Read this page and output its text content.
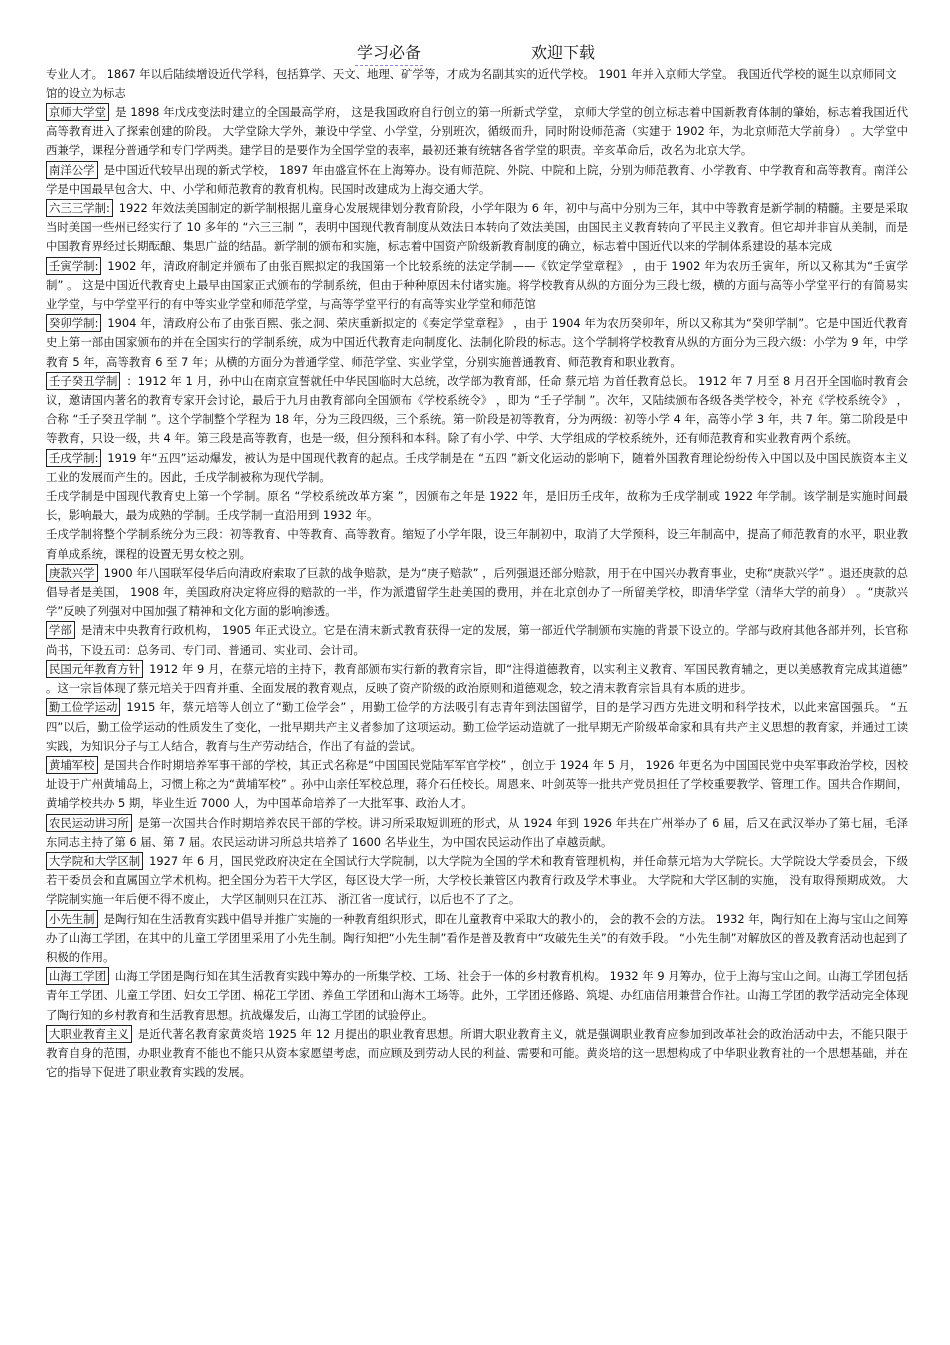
学习必备	欢迎下载

专业人才。 1867 年以后陆续增设近代学科，包括算学、天文、地理、矿学等，才成为名副其实的近代学校。 1901 年并入京师大学堂。 我国近代学校的诞生以京师同文馆的设立为标志

京师大学堂 是 1898 年戊戌变法时建立的全国最高学府， 这是我国政府自行创立的第一所新式学堂， 京师大学堂的创立标志着中国新教育体制的肇始，标志着我国近代高等教育进入了探索创建的阶段。 大学堂除大学外，兼设中学堂、小学堂，分别班次，循级而升，同时附设师范斋（实建于 1902 年，为北京师范大学前身） 。大学堂中西兼学，课程分普通学和专门学两类。建学目的是要作为全国学堂的表率，最初还兼有统辖各省学堂的职责。辛亥革命后，改名为北京大学。

南洋公学 是中国近代较早出现的新式学校， 1897 年由盛宣怀在上海筹办。设有师范院、外院、中院和上院，分别为师范教育、小学教育、中学教育和高等教育。南洋公学是中国最早包含大、中、小学和师范教育的教育机构。民国时改建成为上海交通大学。

六三三学制: 1922 年效法美国制定的新学制根据儿童身心发展规律划分教育阶段，小学年限为 6 年，初中与高中分别为三年，其中中等教育是新学制的精髓。主要是采取当时美国一些州已经实行了 10 多年的 “六三三制 ”，表明中国现代教育制度从效法日本转向了效法美国，由国民主义教育转向了平民主义教育。但它却并非盲从美制，而是中国教育界经过长期酝酿、集思广益的结晶。新学制的颁布和实施，标志着中国资产阶级新教育制度的确立，标志着中国近代以来的学制体系建设的基本完成

壬寅学制: 1902 年，清政府制定并颁布了由张百熙拟定的我国第一个比较系统的法定学制——《钦定学堂章程》 ，由于 1902 年为农历壬寅年，所以又称其为“壬寅学制” 。 这是中国近代教育史上最早由国家正式颁布的学制系统，但由于种种原因未付诸实施。将学校教育从纵的方面分为三段七级，横的方面与高等小学堂平行的有简易实业学堂，与中学堂平行的有中等实业学堂和师范学堂，与高等学堂平行的有高等实业学堂和师范馆

癸卯学制: 1904 年，清政府公布了由张百熙、张之洞、荣庆重新拟定的《奏定学堂章程》 ，由于 1904 年为农历癸卯年，所以又称其为“癸卯学制”。它是中国近代教育史上第一部由国家颁布的并在全国实行的学制系统，成为中国近代教育走向制度化、法制化阶段的标志。这个学制将学校教育从纵的方面分为三段六级：小学为 9 年，中学教育 5 年，高等教育 6 至 7 年；从横的方面分为普通学堂、师范学堂、实业学堂，分别实施普通教育、师范教育和职业教育。

壬子癸丑学制 ：1912 年 1 月，孙中山在南京宣誓就任中华民国临时大总统，改学部为教育部，任命 蔡元培 为首任教育总长。 1912 年 7 月至 8 月召开全国临时教育会议，邀请国内著名的教育专家开会讨论，最后于九月由教育部向全国颁布《学校系统令》 ，即为 “壬子学制 ”。次年，又陆续颁布各级各类学校令，补充《学校系统令》 ，合称 “壬子癸丑学制 ”。这个学制整个学程为 18 年，分为三段四级，三个系统。第一阶段是初等教育，分为两级：初等小学 4 年，高等小学 3 年，共 7 年。第二阶段是中等教育，只设一级，共 4 年。第三段是高等教育，也是一级，但分预科和本科。除了有小学、中学、大学组成的学校系统外，还有师范教育和实业教育两个系统。

壬戌学制: 1919 年“五四”运动爆发，被认为是中国现代教育的起点。壬戌学制是在 “五四 ”新文化运动的影响下，随着外国教育理论纷纷传入中国以及中国民族资本主义工业的发展而产生的。因此，壬戌学制被称为现代学制。

壬戌学制是中国现代教育史上第一个学制。原名 “学校系统改革方案 ”，因颁布之年是 1922 年，是旧历壬戌年，故称为壬戌学制或 1922 年学制。该学制是实施时间最长，影响最大，最为成熟的学制。壬戌学制一直沿用到 1932 年。

壬戌学制将整个学制系统分为三段：初等教育、中等教育、高等教育。缩短了小学年限，设三年制初中，取消了大学预科，设三年制高中，提高了师范教育的水平，职业教育单成系统，课程的设置无男女校之别。

庚款兴学 1900 年八国联军侵华后向清政府索取了巨款的战争赔款，是为“庚子赔款” ，后列强退还部分赔款，用于在中国兴办教育事业，史称“庚款兴学” 。退还庚款的总倡导者是美国， 1908 年，美国政府决定将应得的赔款的一半，作为派遣留学生赴美国的费用，并在北京创办了一所留美学校，即清华学堂（清华大学的前身） 。“庚款兴学”反映了列强对中国加强了精神和文化方面的影响渗透。

学部 是清末中央教育行政机构， 1905 年正式设立。它是在清末新式教育获得一定的发展，第一部近代学制颁布实施的背景下设立的。学部与政府其他各部并列，长官称尚书，下设五司：总务司、专门司、普通司、实业司、会计司。

民国元年教育方针 1912 年 9 月，在蔡元培的主持下，教育部颁布实行新的教育宗旨，即“注得道德教育，以实利主义教育、军国民教育辅之，更以美感教育完成其道德” 。这一宗旨体现了蔡元培关于四育并重、全面发展的教育观点，反映了资产阶级的政治原则和道德观念，较之清末教育宗旨具有本质的进步。

勤工俭学运动 1915 年，蔡元培等人创立了“勤工俭学会” ，用勤工俭学的方法吸引有志青年到法国留学，目的是学习西方先进文明和科学技术，以此来富国强兵。 “五四”以后，勤工俭学运动的性质发生了变化，一批早期共产主义者参加了这项运动。勤工俭学运动造就了一批早期无产阶级革命家和具有共产主义思想的教育家，并通过工读实践，为知识分子与工人结合，教育与生产劳动结合，作出了有益的尝试。

黄埔军校 是国共合作时期培养军事干部的学校，其正式名称是“中国国民党陆军军官学校” ，创立于 1924 年 5 月， 1926 年更名为中国国民党中央军事政治学校，因校址设于广州黄埔岛上，习惯上称之为“黄埔军校” 。孙中山亲任军校总理，蒋介石任校长。周恩来、叶剑英等一批共产党员担任了学校重要教学、管理工作。国共合作期间，黄埔学校共办 5 期，毕业生近 7000 人，为中国革命培养了一大批军事、政治人才。

农民运动讲习所 是第一次国共合作时期培养农民干部的学校。讲习所采取短训班的形式，从 1924 年到 1926 年共在广州举办了 6 届，后又在武汉举办了第七届，毛泽东同志主持了第 6 届、第 7 届。农民运动讲习所总共培养了 1600 名毕业生，为中国农民运动作出了卓越贡献。

大学院和大学区制 1927 年 6 月，国民党政府决定在全国试行大学院制，以大学院为全国的学术和教育管理机构，并任命蔡元培为大学院长。大学院设大学委员会，下级若干委员会和直属国立学术机构。把全国分为若干大学区，每区设大学一所，大学校长兼管区内教育行政及学术事业。 大学院和大学区制的实施， 没有取得预期成效。 大学院制实施一年后便不得不废止， 大学区制则只在江苏、 浙江省一度试行，以后也不了了之。

小先生制 是陶行知在生活教育实践中倡导并推广实施的一种教育组织形式，即在儿童教育中采取大的教小的， 会的教不会的方法。 1932 年，陶行知在上海与宝山之间筹办了山海工学团，在其中的儿童工学团里采用了小先生制。陶行知把“小先生制”看作是普及教育中“攻破先生关”的有效手段。 “小先生制”对解放区的普及教育活动也起到了积极的作用。

山海工学团 山海工学团是陶行知在其生活教育实践中筹办的一所集学校、工场、社会于一体的乡村教育机构。 1932 年 9 月筹办，位于上海与宝山之间。山海工学团包括青年工学团、儿童工学团、妇女工学团、棉花工学团、养鱼工学团和山海木工场等。此外，工学团还修路、筑堤、办红庙信用兼营合作社。山海工学团的教学活动完全体现了陶行知的乡村教育和生活教育思想。抗战爆发后，山海工学团的试验停止。

大职业教育主义 是近代著名教育家黄炎培 1925 年 12 月提出的职业教育思想。所谓大职业教育主义，就是强调职业教育应参加到改革社会的政治活动中去，不能只限于教育自身的范围，办职业教育不能也不能只从资本家愿望考虑，而应顾及到劳动人民的利益、需要和可能。黄炎培的这一思想构成了中华职业教育社的一个思想基础，并在它的指导下促进了职业教育实践的发展。
